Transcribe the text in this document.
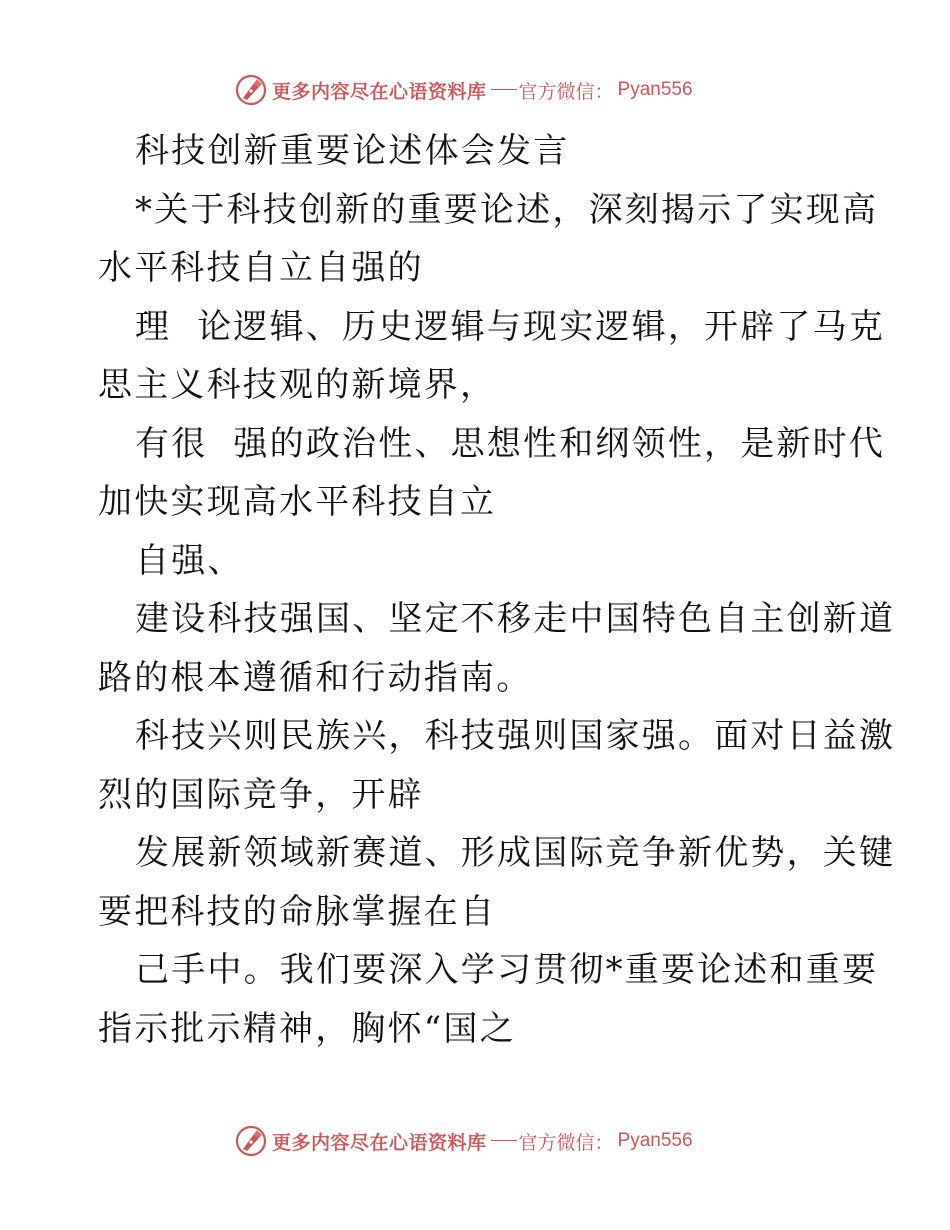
更多内容尽在心语资料库 官方微信： Pyan556
科技创新重要论述体会发言
*关于科技创新的重要论述，深刻揭示了实现高
水平科技自立自强的
理  论逻辑、历史逻辑与现实逻辑，开辟了马克
思主义科技观的新境界，
有很  强的政治性、思想性和纲领性，是新时代
加快实现高水平科技自立
自强、
建设科技强国、坚定不移走中国特色自主创新道
路的根本遵循和行动指南。
科技兴则民族兴，科技强则国家强。面对日益激
烈的国际竞争，开辟
发展新领域新赛道、形成国际竞争新优势，关键
要把科技的命脉掌握在自
己手中。我们要深入学习贯彻*重要论述和重要
指示批示精神，胸怀“国之
更多内容尽在心语资料库 官方微信： Pyan556
